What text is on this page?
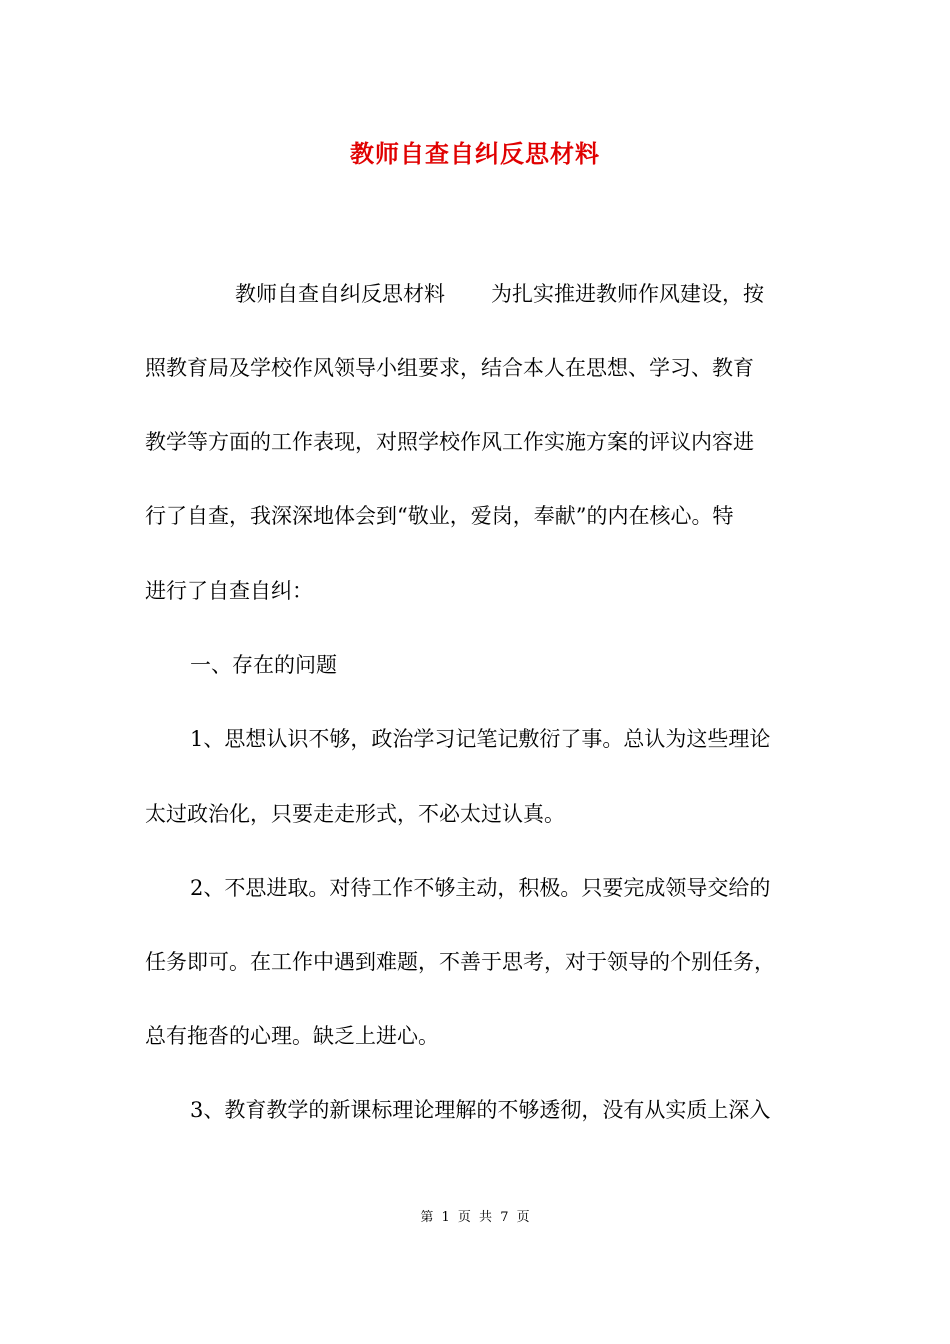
教师自查自纠反思材料
教师自查自纠反思材料 为扎实推进教师作风建设，按
照教育局及学校作风领导小组要求，结合本人在思想、学习、教育
教学等方面的工作表现，对照学校作风工作实施方案的评议内容进
行了自查，我深深地体会到“敬业，爱岗，奉献”的内在核心。特
进行了自查自纠：
一、存在的问题
1、思想认识不够，政治学习记笔记敷衍了事。总认为这些理论
太过政治化，只要走走形式，不必太过认真。
2、不思进取。对待工作不够主动，积极。只要完成领导交给的
任务即可。在工作中遇到难题，不善于思考，对于领导的个别任务，
总有拖沓的心理。缺乏上进心。
3、教育教学的新课标理论理解的不够透彻，没有从实质上深入
第 1 页 共 7 页
